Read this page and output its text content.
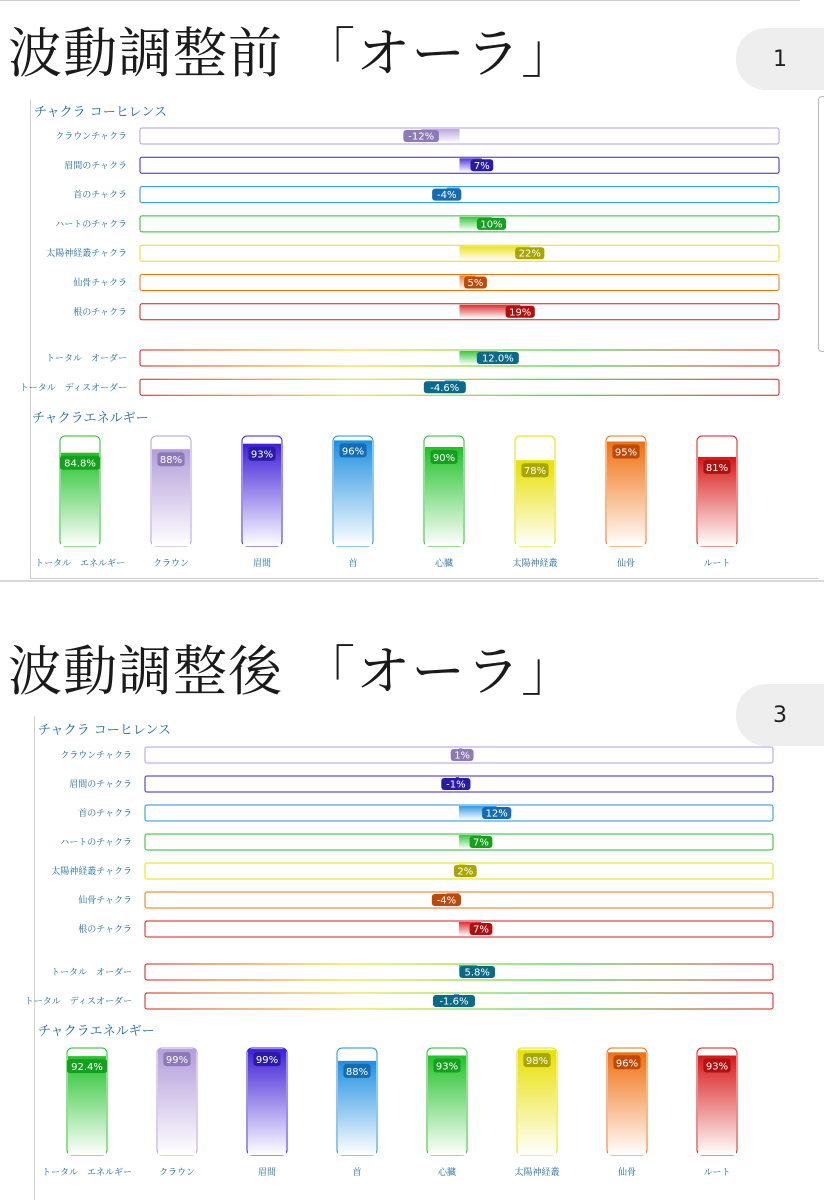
波動調整前 「オーラ」	1
チャクラ コーヒレンス
クラウンチャクラ	-12%
眉間のチャクラ	7%
首のチャクラ	-4%
ハートのチャクラ	10%
太陽神経叢チャクラ	22%
仙骨チャクラ	5%
根のチャクラ	19%
トータル　オーダー	12.0%
トータル　ディスオーダー	-4.6%
チャクラエネルギー
84.8%
トータル　エネルギー
88%
クラウン
93%
眉間
96%
首
90%
心臓
78%
太陽神経叢
95%
仙骨
81%
ルート
波動調整後 「オーラ」
3
チャクラ コーヒレンス
クラウンチャクラ	1%
眉間のチャクラ	-1%
首のチャクラ	12%
ハートのチャクラ	7%
太陽神経叢チャクラ	2%
仙骨チャクラ	-4%
根のチャクラ	7%
トータル　オーダー	5.8%
トータル　ディスオーダー	-1.6%
チャクラエネルギー
92.4%
トータル　エネルギー
99%
クラウン
99%
眉間
88%
首
93%
心臓
98%
太陽神経叢
96%
仙骨
93%
ルート
